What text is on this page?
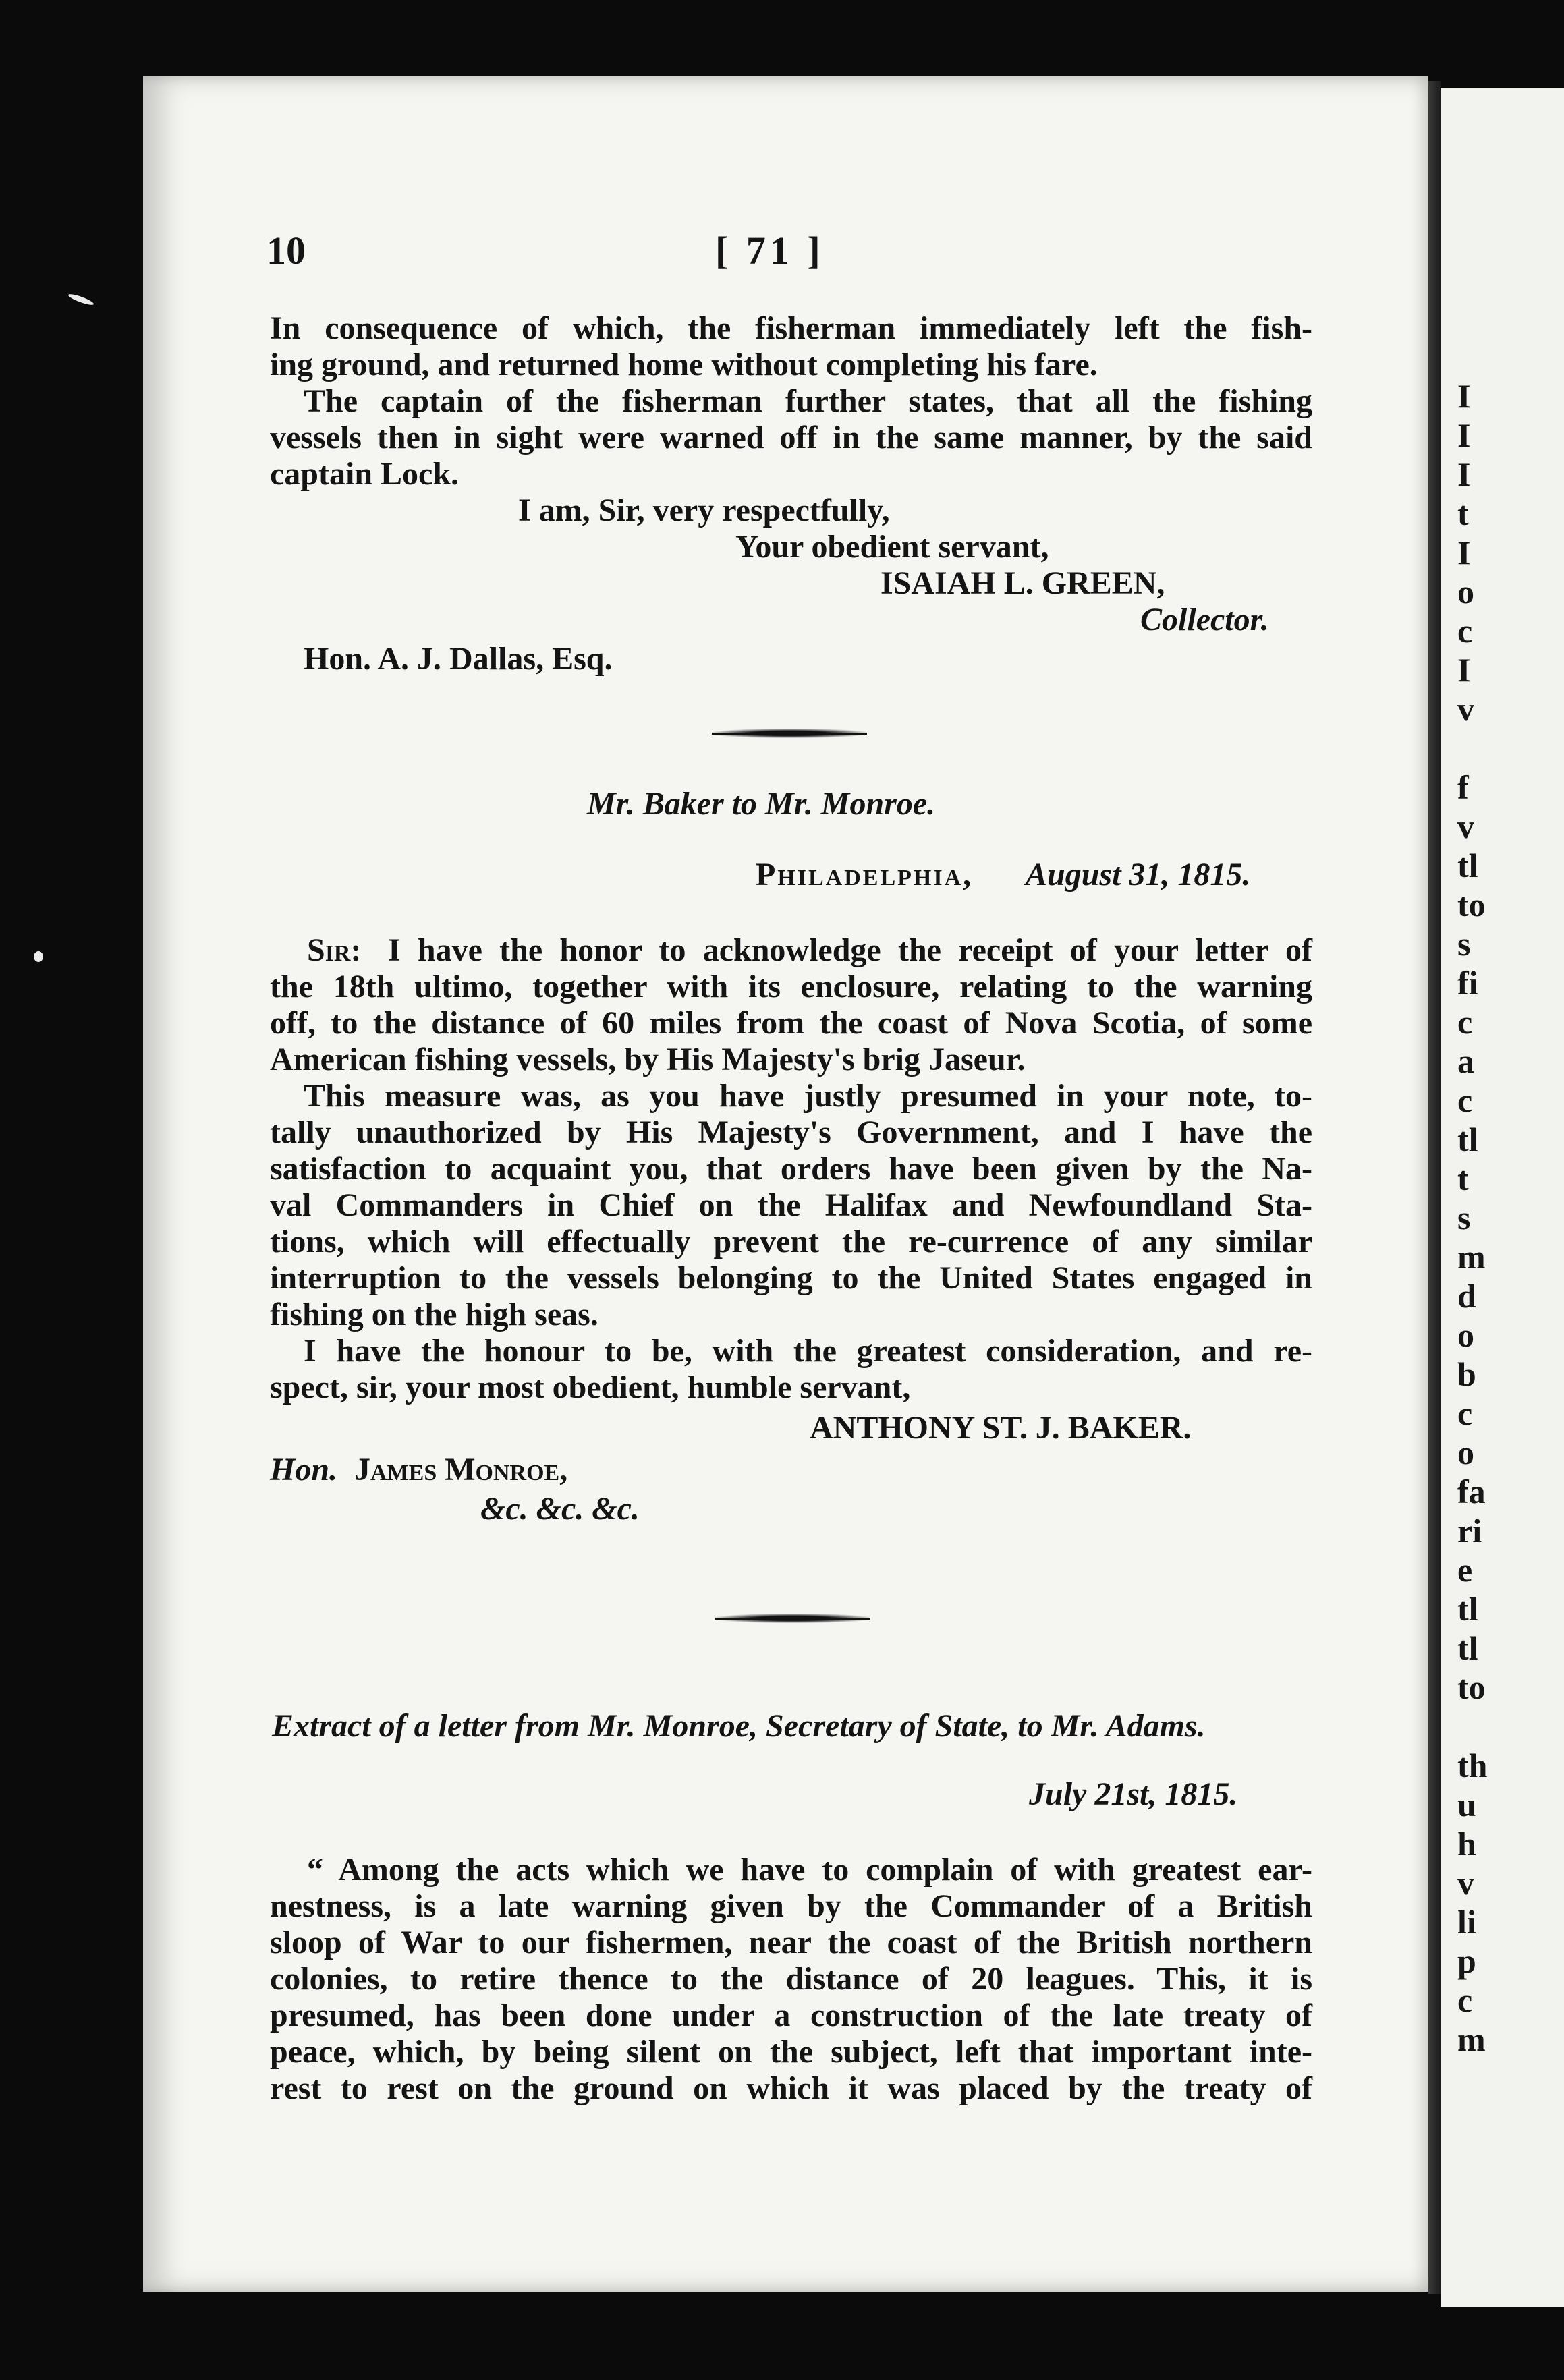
I
I
I
t
I
o
c
I
v
f
v
tl
to
s
fi
c
a
c
tl
t
s
m
d
o
b
c
o
fa
ri
e
tl
tl
to
th
u
h
v
li
p
c
m
10	[ 71 ]
In consequence of which, the fisherman immediately left the fish-
ing ground, and returned home without completing his fare.
The captain of the fisherman further states, that all the fishing
vessels then in sight were warned off in the same manner, by the said
captain Lock.
I am, Sir, very respectfully,
Your obedient servant,
ISAIAH L. GREEN,
Collector.
Hon. A. J. Dallas, Esq.
Mr. Baker to Mr. Monroe.
Philadelphia, August 31, 1815.
Sir: I have the honor to acknowledge the receipt of your letter of
the 18th ultimo, together with its enclosure, relating to the warning
off, to the distance of 60 miles from the coast of Nova Scotia, of some
American fishing vessels, by His Majesty's brig Jaseur.
This measure was, as you have justly presumed in your note, to-
tally unauthorized by His Majesty's Government, and I have the
satisfaction to acquaint you, that orders have been given by the Na-
val Commanders in Chief on the Halifax and Newfoundland Sta-
tions, which will effectually prevent the re-currence of any similar
interruption to the vessels belonging to the United States engaged in
fishing on the high seas.
I have the honour to be, with the greatest consideration, and re-
spect, sir, your most obedient, humble servant,
ANTHONY ST. J. BAKER.
Hon. James Monroe,
&c. &c. &c.
Extract of a letter from Mr. Monroe, Secretary of State, to Mr. Adams.
July 21st, 1815.
“ Among the acts which we have to complain of with greatest ear-
nestness, is a late warning given by the Commander of a British
sloop of War to our fishermen, near the coast of the British northern
colonies, to retire thence to the distance of 20 leagues. This, it is
presumed, has been done under a construction of the late treaty of
peace, which, by being silent on the subject, left that important inte-
rest to rest on the ground on which it was placed by the treaty of
